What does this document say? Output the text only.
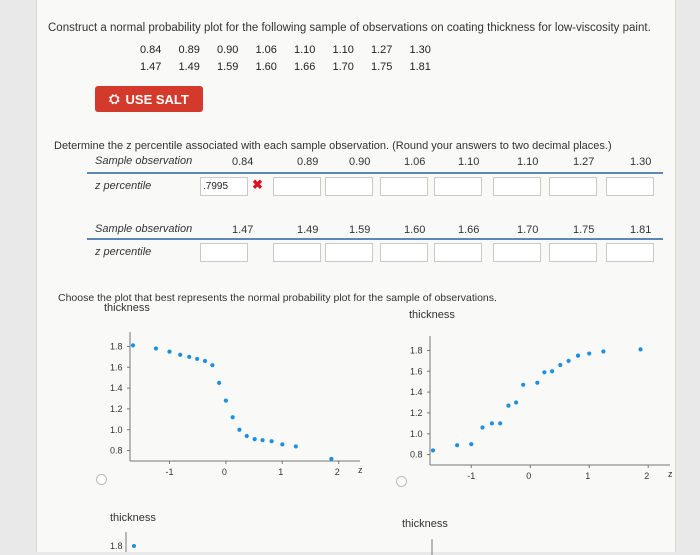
Construct a normal probability plot for the following sample of observations on coating thickness for low-viscosity paint.
0.84	0.89	0.90	1.06	1.10	1.10	1.27	1.30
1.47	1.49	1.59	1.60	1.66	1.70	1.75	1.81
⛭ USE SALT
Determine the z percentile associated with each sample observation. (Round your answers to two decimal places.)
Sample observation	0.84	0.89	0.90	1.06	1.10	1.10	1.27	1.30
z percentile	.7995	✖
Sample observation	1.47	1.49	1.59	1.60	1.66	1.70	1.75	1.81
z percentile
Choose the plot that best represents the normal probability plot for the sample of observations.
thickness
thickness
0.8
1.0
1.2
1.4
1.6
1.8
-1	0	1	2 z
0.8
1.0
1.2
1.4
1.6
1.8
-1	0	1	2 z
thickness	thickness
1.8
